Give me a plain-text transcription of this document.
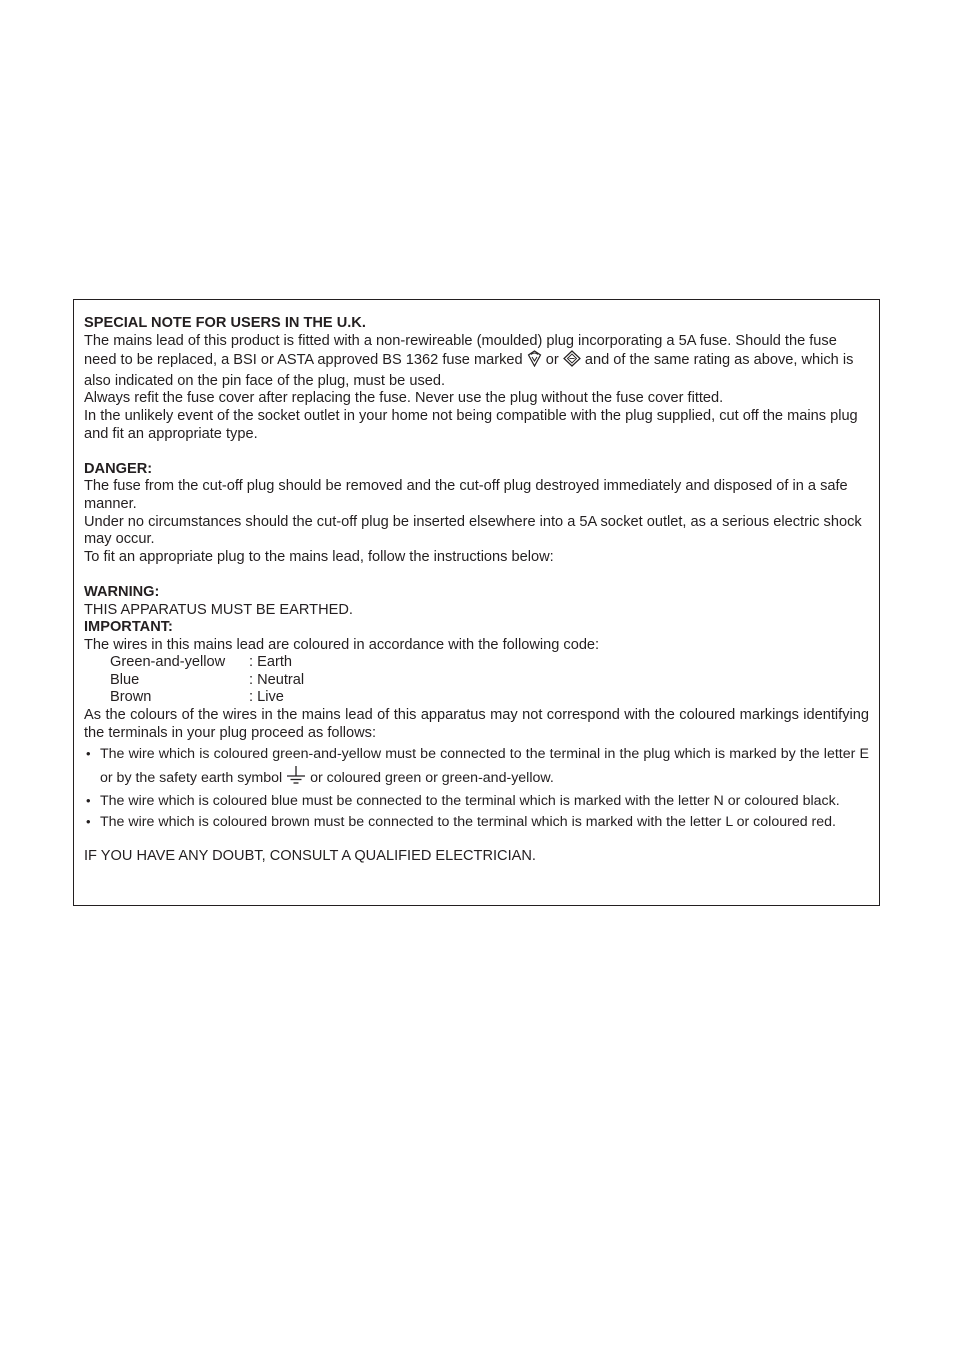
SPECIAL NOTE FOR USERS IN THE U.K.

The mains lead of this product is fitted with a non-rewireable (moulded) plug incorporating a 5A fuse. Should the fuse need to be replaced, a BSI or ASTA approved BS 1362 fuse marked or and of the same rating as above, which is also indicated on the pin face of the plug, must be used.

Always refit the fuse cover after replacing the fuse. Never use the plug without the fuse cover fitted.

In the unlikely event of the socket outlet in your home not being compatible with the plug supplied, cut off the mains plug and fit an appropriate type.

DANGER:

The fuse from the cut-off plug should be removed and the cut-off plug destroyed immediately and disposed of in a safe manner.

Under no circumstances should the cut-off plug be inserted elsewhere into a 5A socket outlet, as a serious electric shock may occur.

To fit an appropriate plug to the mains lead, follow the instructions below:

WARNING:

THIS APPARATUS MUST BE EARTHED.

IMPORTANT:

The wires in this mains lead are coloured in accordance with the following code:

Green-and-yellow	: Earth
Blue	: Neutral
Brown	: Live

As the colours of the wires in the mains lead of this apparatus may not correspond with the coloured markings identifying the terminals in your plug proceed as follows:

• The wire which is coloured green-and-yellow must be connected to the terminal in the plug which is marked by the letter E or by the safety earth symbol or coloured green or green-and-yellow.
• The wire which is coloured blue must be connected to the terminal which is marked with the letter N or coloured black.
• The wire which is coloured brown must be connected to the terminal which is marked with the letter L or coloured red.

IF YOU HAVE ANY DOUBT, CONSULT A QUALIFIED ELECTRICIAN.
